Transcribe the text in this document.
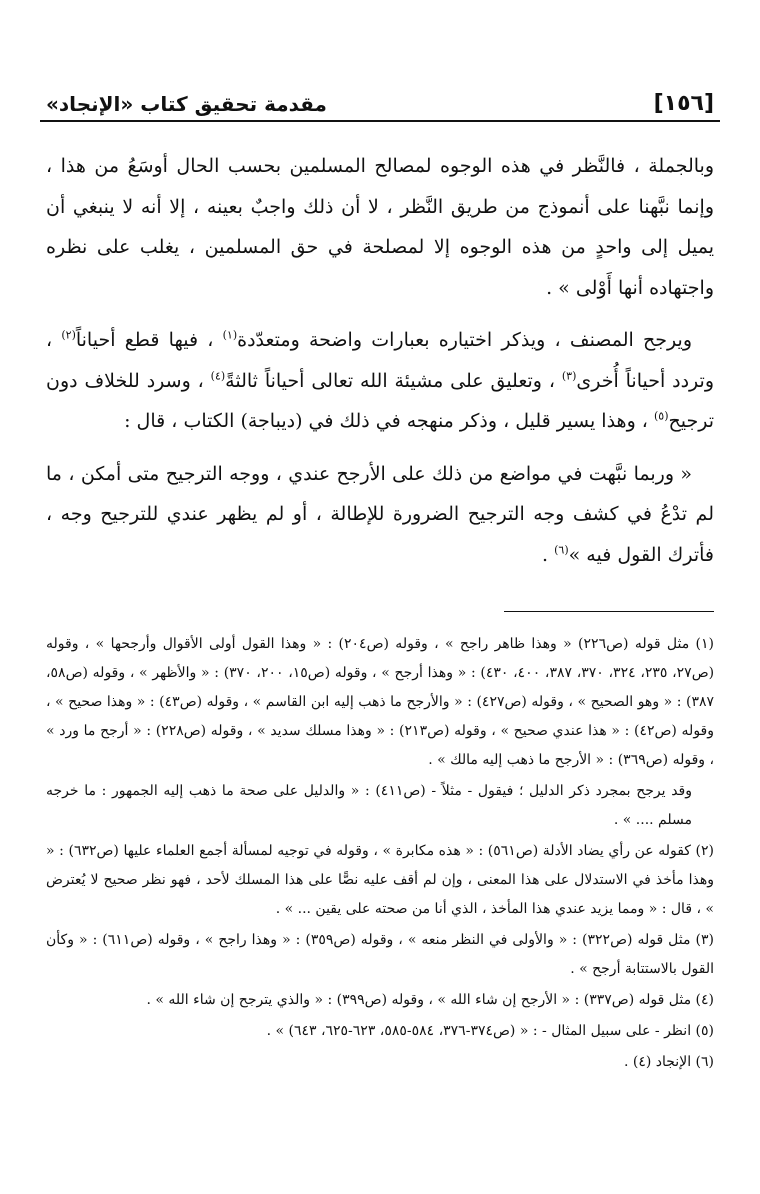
[١٥٦]
مقدمة تحقيق كتاب «الإنجاد»

وبالجملة ، فالنَّظر في هذه الوجوه لمصالح المسلمين بحسب الحال أوسَعُ من هذا ، وإنما نبَّهنا على أنموذج من طريق النَّظر ، لا أن ذلك واجبٌ بعينه ، إلا أنه لا ينبغي أن يميل إلى واحدٍ من هذه الوجوه إلا لمصلحة في حق المسلمين ، يغلب على نظره واجتهاده أنها أَوْلى » .

ويرجح المصنف ، ويذكر اختياره بعبارات واضحة ومتعدّدة$^{(١)}$ ، فيها قطع أحياناً$^{(٢)}$ ، وتردد أحياناً أُخرى$^{(٣)}$ ، وتعليق على مشيئة الله تعالى أحياناً ثالثةً$^{(٤)}$ ، وسرد للخلاف دون ترجيح$^{(٥)}$ ، وهذا يسير قليل ، وذكر منهجه في ذلك في (ديباجة) الكتاب ، قال :

« وربما نبَّهت في مواضع من ذلك على الأرجح عندي ، ووجه الترجيح متى أمكن ، ما لم تدْعُ في كشف وجه الترجيح الضرورة للإطالة ، أو لم يظهر عندي للترجيح وجه ، فأترك القول فيه »$^{(٦)}$ .

(١) مثل قوله (ص٢٢٦) « وهذا ظاهر راجح » ، وقوله (ص٢٠٤) : « وهذا القول أولى الأقوال وأرجحها » ، وقوله (ص٢٧، ٢٣٥، ٣٢٤، ٣٧٠، ٣٨٧، ٤٠٠، ٤٣٠) : « وهذا أرجح » ، وقوله (ص١٥، ٢٠٠، ٣٧٠) : « والأظهر » ، وقوله (ص٥٨، ٣٨٧) : « وهو الصحيح » ، وقوله (ص٤٢٧) : « والأرجح ما ذهب إليه ابن القاسم » ، وقوله (ص٤٣) : « وهذا صحيح » ، وقوله (ص٤٢) : « هذا عندي صحيح » ، وقوله (ص٢١٣) : « وهذا مسلك سديد » ، وقوله (ص٢٢٨) : « أرجح ما ورد » ، وقوله (ص٣٦٩) : « الأرجح ما ذهب إليه مالك » .

وقد يرجح بمجرد ذكر الدليل ؛ فيقول - مثلاً - (ص٤١١) : « والدليل على صحة ما ذهب إليه الجمهور : ما خرجه مسلم .... » .

(٢) كقوله عن رأي يضاد الأدلة (ص٥٦١) : « هذه مكابرة » ، وقوله في توجيه لمسألة أجمع العلماء عليها (ص٦٣٢) : « وهذا مأخذ في الاستدلال على هذا المعنى ، وإن لم أقف عليه نصًّا على هذا المسلك لأحد ، فهو نظر صحيح لا يُعترض » ، قال : « ومما يزيد عندي هذا المأخذ ، الذي أنا من صحته على يقين ... » .

(٣) مثل قوله (ص٣٢٢) : « والأولى في النظر منعه » ، وقوله (ص٣٥٩) : « وهذا راجح » ، وقوله (ص٦١١) : « وكأن القول بالاستتابة أرجح » .

(٤) مثل قوله (ص٣٣٧) : « الأرجح إن شاء الله » ، وقوله (ص٣٩٩) : « والذي يترجح إن شاء الله » .

(٥) انظر - على سبيل المثال - : « (ص٣٧٤-٣٧٦، ٥٨٤-٥٨٥، ٦٢٣-٦٢٥، ٦٤٣) » .

(٦) الإنجاد (٤) .
